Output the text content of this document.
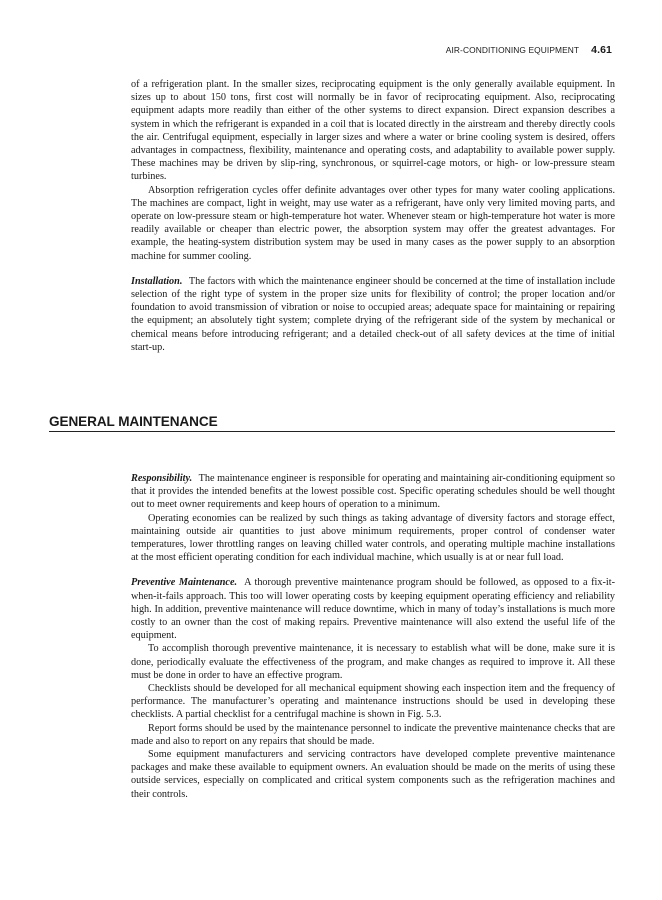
AIR-CONDITIONING EQUIPMENT 4.61

of a refrigeration plant. In the smaller sizes, reciprocating equipment is the only generally available equipment. In sizes up to about 150 tons, first cost will normally be in favor of reciprocating equipment. Also, reciprocating equipment adapts more readily than either of the other systems to direct expansion. Direct expansion describes a system in which the refrigerant is expanded in a coil that is located directly in the airstream and thereby directly cools the air. Centrifugal equipment, especially in larger sizes and where a water or brine cooling system is desired, offers advantages in compactness, flexibility, maintenance and operating costs, and adaptability to available power supply. These machines may be driven by slip-ring, synchronous, or squirrel-cage motors, or high- or low-pressure steam turbines.

Absorption refrigeration cycles offer definite advantages over other types for many water cooling applications. The machines are compact, light in weight, may use water as a refrigerant, have only very limited moving parts, and operate on low-pressure steam or high-temperature hot water. Whenever steam or high-temperature hot water is more readily available or cheaper than electric power, the absorption system may offer the greatest advantages. For example, the heating-system distribution system may be used in many cases as the power supply to an absorption machine for summer cooling.

Installation. The factors with which the maintenance engineer should be concerned at the time of installation include selection of the right type of system in the proper size units for flexibility of control; the proper location and/or foundation to avoid transmission of vibration or noise to occupied areas; adequate space for maintaining or repairing the equipment; an absolutely tight system; complete drying of the refrigerant side of the system by mechanical or chemical means before introducing refrigerant; and a detailed check-out of all safety devices at the time of initial start-up.

GENERAL MAINTENANCE

Responsibility. The maintenance engineer is responsible for operating and maintaining air-conditioning equipment so that it provides the intended benefits at the lowest possible cost. Specific operating schedules should be well thought out to meet owner requirements and keep hours of operation to a minimum.

Operating economies can be realized by such things as taking advantage of diversity factors and storage effect, maintaining outside air quantities to just above minimum requirements, proper control of condenser water temperatures, lower throttling ranges on leaving chilled water controls, and operating multiple machine installations at the most efficient operating condition for each individual machine, which usually is at or near full load.

Preventive Maintenance. A thorough preventive maintenance program should be followed, as opposed to a fix-it-when-it-fails approach. This too will lower operating costs by keeping equipment operating efficiency and reliability high. In addition, preventive maintenance will reduce downtime, which in many of today’s installations is much more costly to an owner than the cost of making repairs. Preventive maintenance will also extend the useful life of the equipment.

To accomplish thorough preventive maintenance, it is necessary to establish what will be done, make sure it is done, periodically evaluate the effectiveness of the program, and make changes as required to improve it. All these must be done in order to have an effective program.

Checklists should be developed for all mechanical equipment showing each inspection item and the frequency of performance. The manufacturer’s operating and maintenance instructions should be used in developing these checklists. A partial checklist for a centrifugal machine is shown in Fig. 5.3.

Report forms should be used by the maintenance personnel to indicate the preventive maintenance checks that are made and also to report on any repairs that should be made.

Some equipment manufacturers and servicing contractors have developed complete preventive maintenance packages and make these available to equipment owners. An evaluation should be made on the merits of using these outside services, especially on complicated and critical system components such as the refrigeration machines and their controls.
